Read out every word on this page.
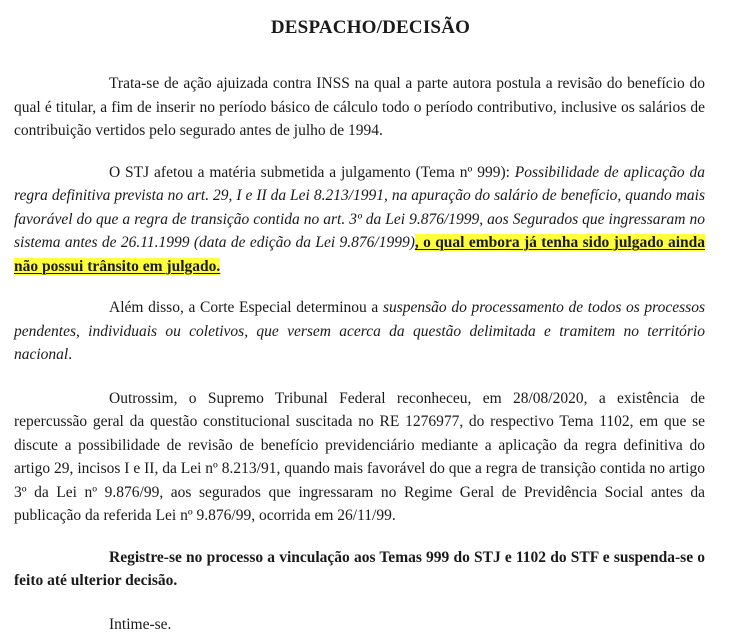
DESPACHO/DECISÃO

Trata-se de ação ajuizada contra INSS na qual a parte autora postula a revisão do benefício do qual é titular, a fim de inserir no período básico de cálculo todo o período contributivo, inclusive os salários de contribuição vertidos pelo segurado antes de julho de 1994.

O STJ afetou a matéria submetida a julgamento (Tema nº 999): Possibilidade de aplicação da regra definitiva prevista no art. 29, I e II da Lei 8.213/1991, na apuração do salário de benefício, quando mais favorável do que a regra de transição contida no art. 3º da Lei 9.876/1999, aos Segurados que ingressaram no sistema antes de 26.11.1999 (data de edição da Lei 9.876/1999), o qual embora já tenha sido julgado ainda não possui trânsito em julgado.

Além disso, a Corte Especial determinou a suspensão do processamento de todos os processos pendentes, individuais ou coletivos, que versem acerca da questão delimitada e tramitem no território nacional.

Outrossim, o Supremo Tribunal Federal reconheceu, em 28/08/2020, a existência de repercussão geral da questão constitucional suscitada no RE 1276977, do respectivo Tema 1102, em que se discute a possibilidade de revisão de benefício previdenciário mediante a aplicação da regra definitiva do artigo 29, incisos I e II, da Lei nº 8.213/91, quando mais favorável do que a regra de transição contida no artigo 3º da Lei nº 9.876/99, aos segurados que ingressaram no Regime Geral de Previdência Social antes da publicação da referida Lei nº 9.876/99, ocorrida em 26/11/99.

Registre-se no processo a vinculação aos Temas 999 do STJ e 1102 do STF e suspenda-se o feito até ulterior decisão.

Intime-se.
